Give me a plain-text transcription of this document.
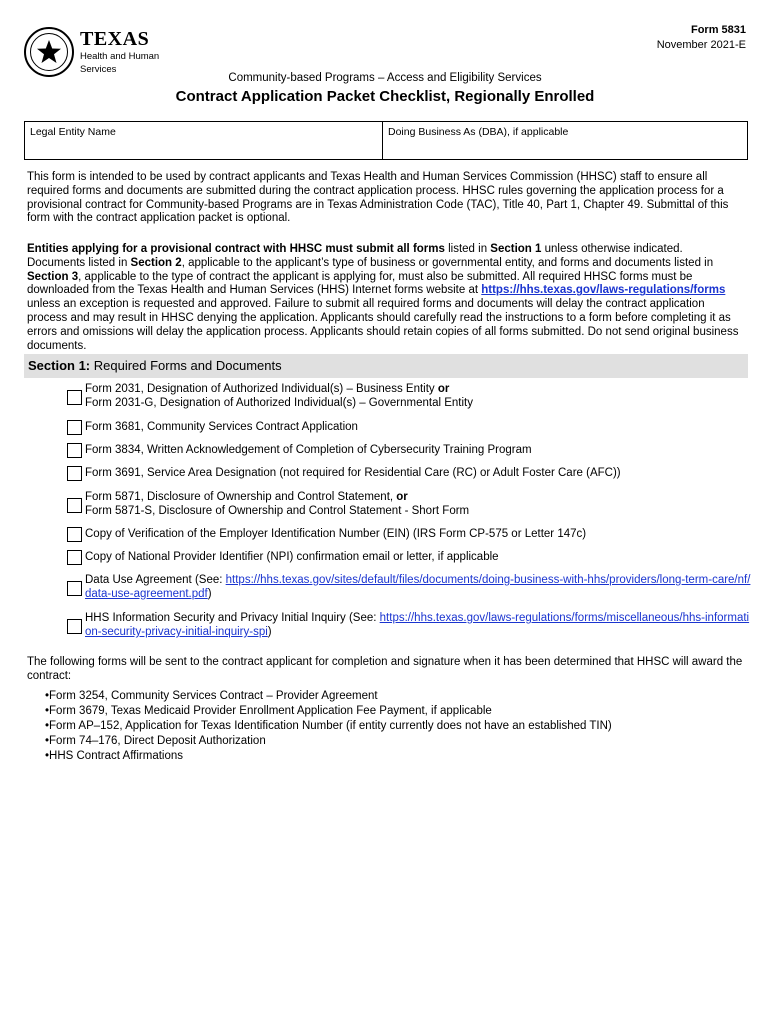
TEXAS
Health and Human
Services
Form 5831
November 2021-E
Community-based Programs – Access and Eligibility Services
Contract Application Packet Checklist, Regionally Enrolled
Legal Entity Name	Doing Business As (DBA), if applicable
This form is intended to be used by contract applicants and Texas Health and Human Services Commission (HHSC) staff to ensure all required forms and documents are submitted during the contract application process. HHSC rules governing the application process for a provisional contract for Community-based Programs are in Texas Administration Code (TAC), Title 40, Part 1, Chapter 49. Submittal of this form with the contract application packet is optional.
Entities applying for a provisional contract with HHSC must submit all forms listed in Section 1 unless otherwise indicated. Documents listed in Section 2, applicable to the applicant’s type of business or governmental entity, and forms and documents listed in Section 3, applicable to the type of contract the applicant is applying for, must also be submitted. All required HHSC forms must be downloaded from the Texas Health and Human Services (HHS) Internet forms website at https://hhs.texas.gov/laws-regulations/forms unless an exception is requested and approved. Failure to submit all required forms and documents will delay the contract application process and may result in HHSC denying the application. Applicants should carefully read the instructions to a form before completing it as errors and omissions will delay the application process. Applicants should retain copies of all forms submitted. Do not send original business documents.
Section 1: Required Forms and Documents
Form 2031, Designation of Authorized Individual(s) – Business Entity or
Form 2031-G, Designation of Authorized Individual(s) – Governmental Entity
Form 3681, Community Services Contract Application
Form 3834, Written Acknowledgement of Completion of Cybersecurity Training Program
Form 3691, Service Area Designation (not required for Residential Care (RC) or Adult Foster Care (AFC))
Form 5871, Disclosure of Ownership and Control Statement, or
Form 5871-S, Disclosure of Ownership and Control Statement - Short Form
Copy of Verification of the Employer Identification Number (EIN) (IRS Form CP-575 or Letter 147c)
Copy of National Provider Identifier (NPI) confirmation email or letter, if applicable
Data Use Agreement (See: https://hhs.texas.gov/sites/default/files/documents/doing-business-with-hhs/providers/long-term-care/nf/data-use-agreement.pdf)
HHS Information Security and Privacy Initial Inquiry (See: https://hhs.texas.gov/laws-regulations/forms/miscellaneous/hhs-information-security-privacy-initial-inquiry-spi)
The following forms will be sent to the contract applicant for completion and signature when it has been determined that HHSC will award the contract:
• Form 3254, Community Services Contract – Provider Agreement
• Form 3679, Texas Medicaid Provider Enrollment Application Fee Payment, if applicable
• Form AP–152, Application for Texas Identification Number (if entity currently does not have an established TIN)
• Form 74–176, Direct Deposit Authorization
• HHS Contract Affirmations
